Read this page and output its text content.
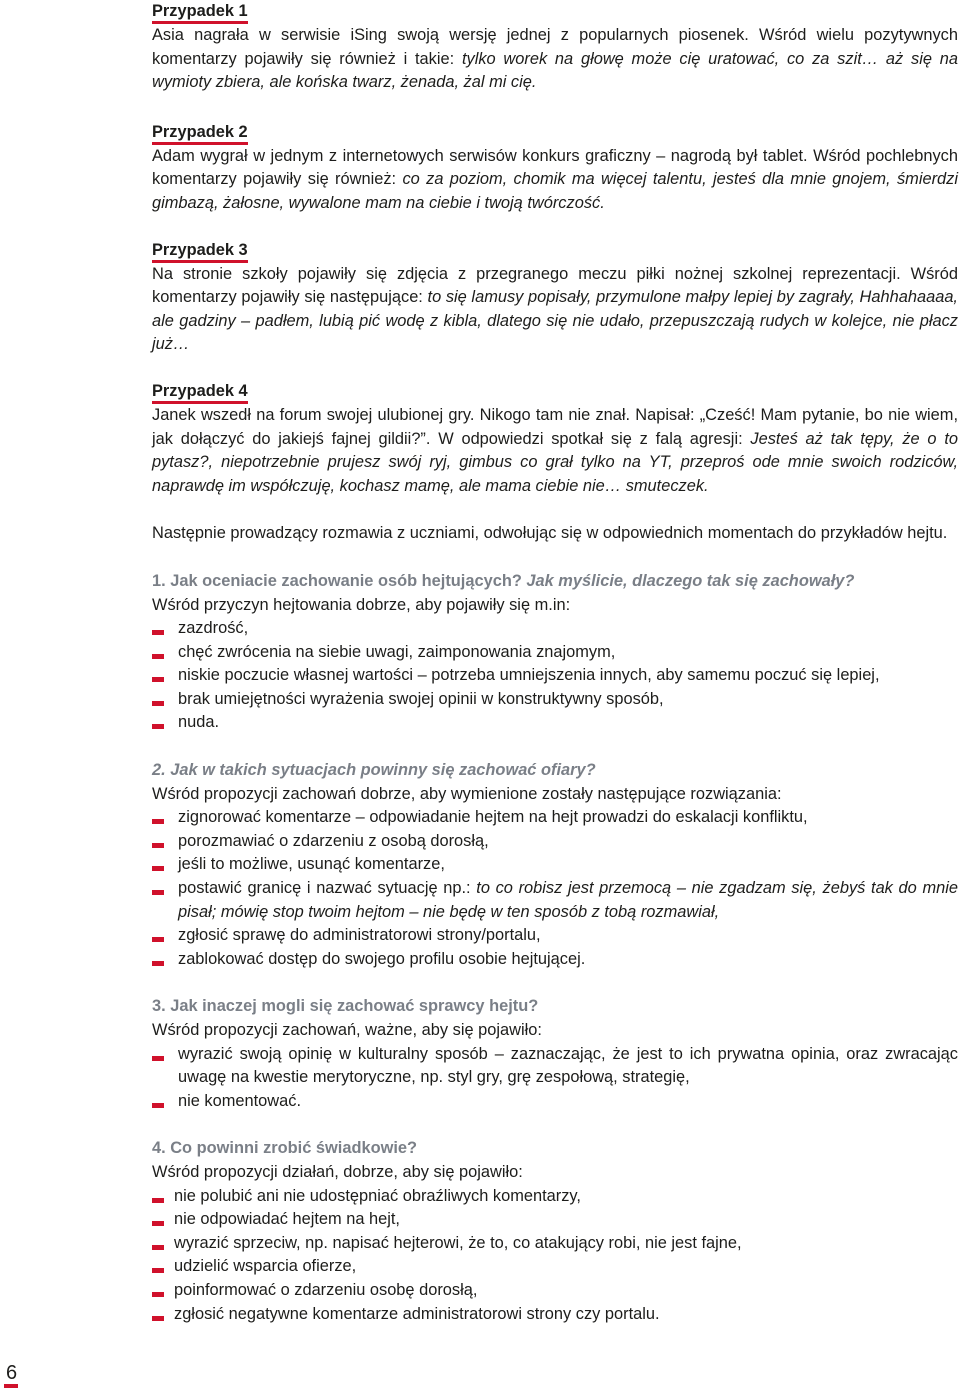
Przypadek 1

Asia nagrała w serwisie iSing swoją wersję jednej z popularnych piosenek. Wśród wielu pozytywnych komentarzy pojawiły się również i takie: tylko worek na głowę może cię uratować, co za szit… aż się na wymioty zbiera, ale końska twarz, żenada, żal mi cię.

Przypadek 2

Adam wygrał w jednym z internetowych serwisów konkurs graficzny – nagrodą był tablet. Wśród pochlebnych komentarzy pojawiły się również: co za poziom, chomik ma więcej talentu, jesteś dla mnie gnojem, śmierdzi gimbazą, żałosne, wywalone mam na ciebie i twoją twórczość.

Przypadek 3

Na stronie szkoły pojawiły się zdjęcia z przegranego meczu piłki nożnej szkolnej reprezentacji. Wśród komentarzy pojawiły się następujące: to się lamusy popisały, przymulone małpy lepiej by zagrały, Hahhahaaaa, ale gadziny – padłem, lubią pić wodę z kibla, dlatego się nie udało, przepuszczają rudych w kolejce, nie płacz już…

Przypadek 4

Janek wszedł na forum swojej ulubionej gry. Nikogo tam nie znał. Napisał: „Cześć! Mam pytanie, bo nie wiem, jak dołączyć do jakiejś fajnej gildii?”. W odpowiedzi spotkał się z falą agresji: Jesteś aż tak tępy, że o to pytasz?, niepotrzebnie prujesz swój ryj, gimbus co grał tylko na YT, przeproś ode mnie swoich rodziców, naprawdę im współczuję, kochasz mamę, ale mama ciebie nie… smuteczek.

Następnie prowadzący rozmawia z uczniami, odwołując się w odpowiednich momentach do przykładów hejtu.

1. Jak oceniacie zachowanie osób hejtujących? Jak myślicie, dlaczego tak się zachowały?

Wśród przyczyn hejtowania dobrze, aby pojawiły się m.in:

zazdrość,
chęć zwrócenia na siebie uwagi, zaimponowania znajomym,
niskie poczucie własnej wartości – potrzeba umniejszenia innych, aby samemu poczuć się lepiej,
brak umiejętności wyrażenia swojej opinii w konstruktywny sposób,
nuda.

2. Jak w takich sytuacjach powinny się zachować ofiary?

Wśród propozycji zachowań dobrze, aby wymienione zostały następujące rozwiązania:

zignorować komentarze – odpowiadanie hejtem na hejt prowadzi do eskalacji konfliktu,
porozmawiać o zdarzeniu z osobą dorosłą,
jeśli to możliwe, usunąć komentarze,
postawić granicę i nazwać sytuację np.: to co robisz jest przemocą – nie zgadzam się, żebyś tak do mnie pisał; mówię stop twoim hejtom – nie będę w ten sposób z tobą rozmawiał,
zgłosić sprawę do administratorowi strony/portalu,
zablokować dostęp do swojego profilu osobie hejtującej.

3. Jak inaczej mogli się zachować sprawcy hejtu?

Wśród propozycji zachowań, ważne, aby się pojawiło:

wyrazić swoją opinię w kulturalny sposób – zaznaczając, że jest to ich prywatna opinia, oraz zwracając uwagę na kwestie merytoryczne, np. styl gry, grę zespołową, strategię,
nie komentować.

4. Co powinni zrobić świadkowie?

Wśród propozycji działań, dobrze, aby się pojawiło:

nie polubić ani nie udostępniać obraźliwych komentarzy,
nie odpowiadać hejtem na hejt,
wyrazić sprzeciw, np. napisać hejterowi, że to, co atakujący robi, nie jest fajne,
udzielić wsparcia ofierze,
poinformować o zdarzeniu osobę dorosłą,
zgłosić negatywne komentarze administratorowi strony czy portalu.
6
